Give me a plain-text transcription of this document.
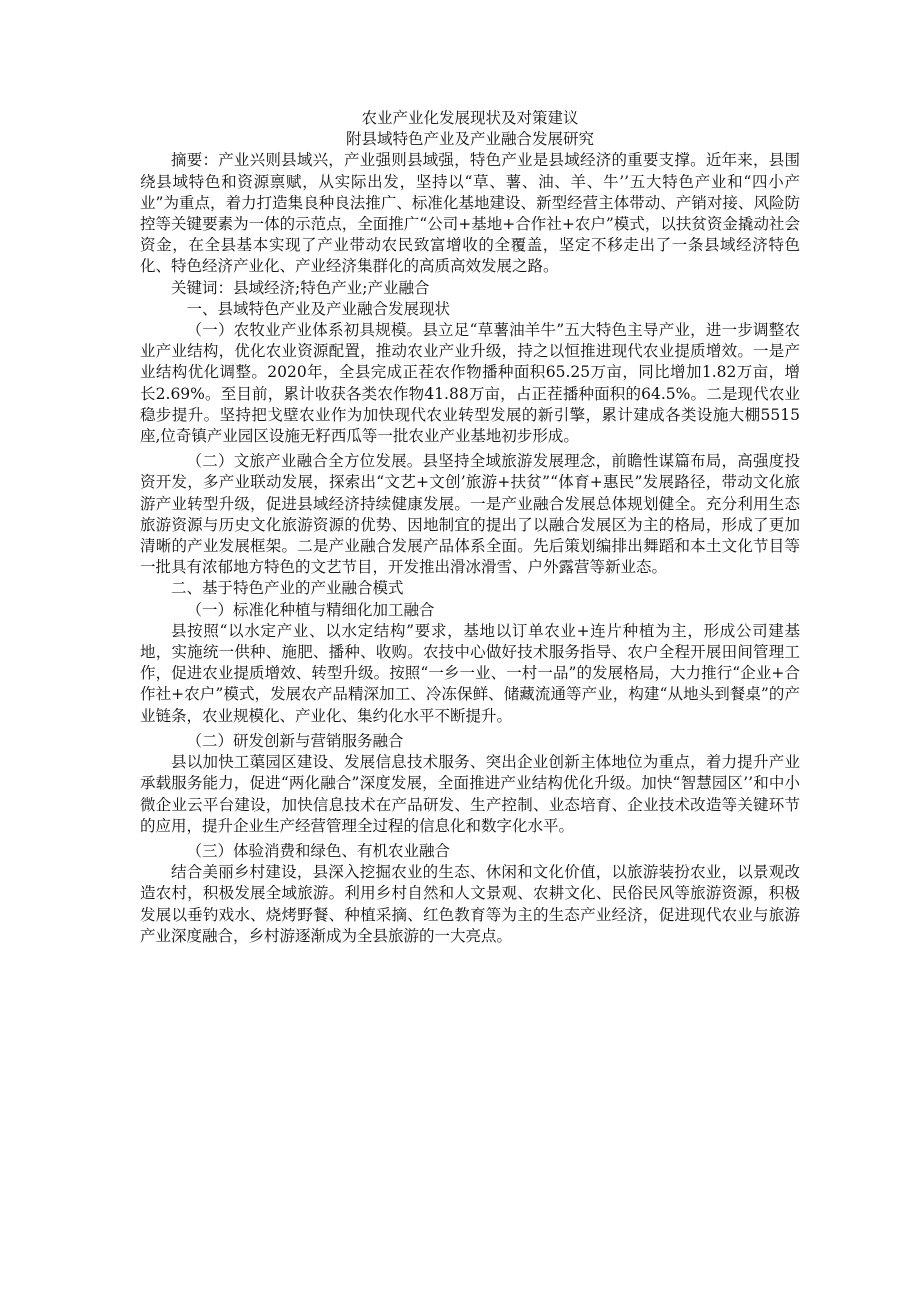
农业产业化发展现状及对策建议

附县域特色产业及产业融合发展研究

摘要：产业兴则县域兴，产业强则县域强，特色产业是县域经济的重要支撑。近年来，县围绕县域特色和资源禀赋，从实际出发，坚持以“草、薯、油、羊、牛’’五大特色产业和“四小产业”为重点，着力打造集良种良法推广、标准化基地建设、新型经营主体带动、产销对接、风险防控等关键要素为一体的示范点，全面推广“公司+基地+合作社+农户”模式，以扶贫资金撬动社会资金，在全县基本实现了产业带动农民致富增收的全覆盖，坚定不移走出了一条县域经济特色化、特色经济产业化、产业经济集群化的高质高效发展之路。

关键词：县域经济;特色产业;产业融合

一、县域特色产业及产业融合发展现状

（一）农牧业产业体系初具规模。县立足“草薯油羊牛”五大特色主导产业，进一步调整农业产业结构，优化农业资源配置，推动农业产业升级，持之以恒推进现代农业提质增效。一是产业结构优化调整。2020年，全县完成正茬农作物播种面积65.25万亩，同比增加1.82万亩，增长2.69%。至目前，累计收获各类农作物41.88万亩，占正茬播种面积的64.5%。二是现代农业稳步提升。坚持把戈壁农业作为加快现代农业转型发展的新引擎，累计建成各类设施大棚5515座,位奇镇产业园区设施无籽西瓜等一批农业产业基地初步形成。

（二）文旅产业融合全方位发展。县坚持全域旅游发展理念，前瞻性谋篇布局，高强度投资开发，多产业联动发展，探索出“文艺+文创’旅游+扶贫”“体育+惠民”发展路径，带动文化旅游产业转型升级，促进县域经济持续健康发展。一是产业融合发展总体规划健全。充分利用生态旅游资源与历史文化旅游资源的优势、因地制宜的提出了以融合发展区为主的格局，形成了更加清晰的产业发展框架。二是产业融合发展产品体系全面。先后策划编排出舞蹈和本土文化节目等一批具有浓郁地方特色的文艺节目，开发推出滑冰滑雪、户外露营等新业态。

二、基于特色产业的产业融合模式

（一）标准化种植与精细化加工融合

县按照“以水定产业、以水定结构”要求，基地以订单农业+连片种植为主，形成公司建基地，实施统一供种、施肥、播种、收购。农技中心做好技术服务指导、农户全程开展田间管理工作，促进农业提质增效、转型升级。按照“一乡一业、一村一品”的发展格局，大力推行“企业+合作社+农户”模式，发展农产品精深加工、冷冻保鲜、储藏流通等产业，构建“从地头到餐桌”的产业链条，农业规模化、产业化、集约化水平不断提升。

（二）研发创新与营销服务融合

县以加快工蕖园区建设、发展信息技术服务、突出企业创新主体地位为重点，着力提升产业承载服务能力，促进“两化融合”深度发展，全面推进产业结构优化升级。加快“智慧园区’’和中小微企业云平台建设，加快信息技术在产品研发、生产控制、业态培育、企业技术改造等关键环节的应用，提升企业生产经营管理全过程的信息化和数字化水平。

（三）体验消费和绿色、有机农业融合

结合美丽乡村建设，县深入挖掘农业的生态、休闲和文化价值，以旅游装扮农业，以景观改造农村，积极发展全域旅游。利用乡村自然和人文景观、农耕文化、民俗民风等旅游资源，积极发展以垂钓戏水、烧烤野餐、种植采摘、红色教育等为主的生态产业经济，促进现代农业与旅游产业深度融合，乡村游逐渐成为全县旅游的一大亮点。
